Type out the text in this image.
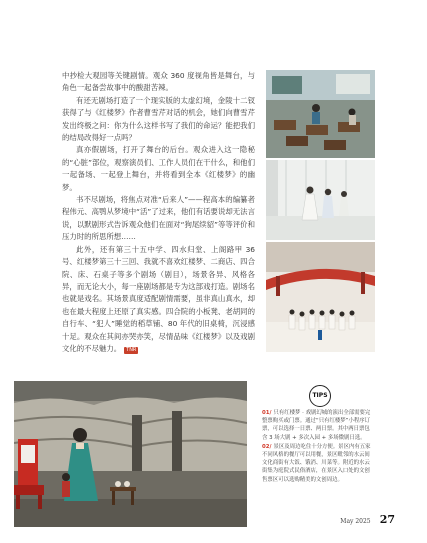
中抄检大观园等关键剧情。观众 360 度视角皆是舞台，与角色一起备尝故事中的酸甜苦辣。

有还无剧场打造了一个现实版的太虚幻境，金陵十二钗获得了与《红楼梦》作者曹雪芹对话的机会，她们向曹雪芹发出终极之问：你为什么这样书写了我们的命运？能把我们的结局改得好一点吗？

真亦假剧场，打开了舞台的后台。观众进入这一隐秘的“心脏”部位，观察演员们、工作人员们在干什么，和他们一起备场、一起登上舞台，并将看到全本《红楼梦》的幽梦。

书不尽剧场，将焦点对准“后来人”——程高本的编纂者程伟元、高鹗从梦境中“活”了过来，他们有话要说却无法言说，以默剧形式告诉观众他们在面对“狗尾续貂”等等评价和压力时的所思所想……

此外，还有第三十五中学、四水归堂、上阁路甲 36 号、红楼梦第三十三回、我就不喜欢红楼梦、二商店、四合院、床、石桌子等多个剧场（剧目），场景各异、风格各异，而无论大小，每一座剧场都是专为这部戏打造。剧场名也就是戏名。其场景真度适配剧情需要，虽非真山真水，却也在最大程度上还原了真实感。四合院的小板凳、老胡同的自行车、“犯人”睡觉的稻草铺、80 年代的旧桌椅，沉浸感十足。观众在其间亦哭亦笑，尽情品味《红楼梦》以及戏剧文化的不尽魅力。 TNR

TIPS

01/ 只有红楼梦 · 戏剧幻城的演出全部需要完整票购买或门票。通过“只有红楼梦”小程序订票，可以选择一日票、两日票。其中两日票包含 3 场大剧 + 多次入园 + 多场微剧日选。

02/ 景区及周边吃住十分方便。景区内有五家不同风格的餐厅可以用餐，景区毗邻的水云间文化商街有大饭、饿消、川菜等。附近的水云街集为庭院式民俗酒店，在景区入口处的文创售票区可以选购精美的文创周边。

May 2025 27
